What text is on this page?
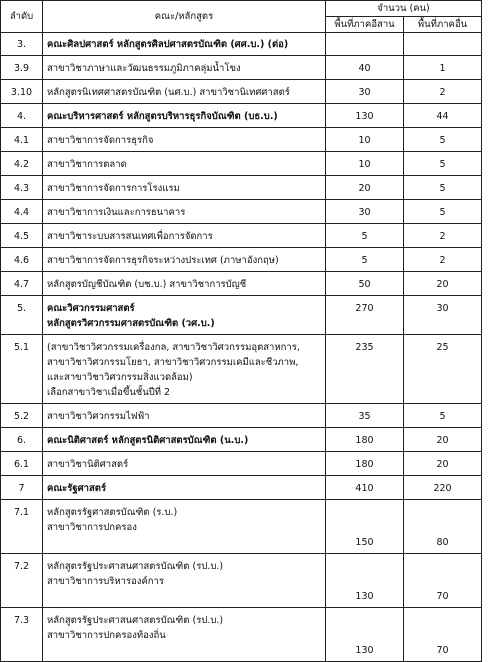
ลำดับ	คณะ/หลักสูตร	จำนวน (คน)	
		พื้นที่ภาคอีสาน	พื้นที่ภาคอื่น
3.	คณะศิลปศาสตร์ หลักสูตรศิลปศาสตรบัณฑิต (ศศ.บ.) (ต่อ)		

3.9	สาขาวิชาภาษาและวัฒนธรรมภูมิภาคลุ่มน้ำโขง	40	1
3.10	หลักสูตรนิเทศศาสตรบัณฑิต (นศ.บ.) สาขาวิชานิเทศศาสตร์	30	2
4.	คณะบริหารศาสตร์ หลักสูตรบริหารธุรกิจบัณฑิต (บธ.บ.)	130	44
4.1	สาขาวิชาการจัดการธุรกิจ	10	5
4.2	สาขาวิชาการตลาด	10	5
4.3	สาขาวิชาการจัดการการโรงแรม	20	5
4.4	สาขาวิชาการเงินและการธนาคาร	30	5
4.5	สาขาวิชาระบบสารสนเทศเพื่อการจัดการ	5	2
4.6	สาขาวิชาการจัดการธุรกิจระหว่างประเทศ (ภาษาอังกฤษ)	5	2
4.7	หลักสูตรบัญชีบัณฑิต (บช.บ.) สาขาวิชาการบัญชี	50	20
5.	คณะวิศวกรรมศาสตร์
หลักสูตรวิศวกรรมศาสตรบัณฑิต (วศ.บ.)	270	30
5.1	(สาขาวิชาวิศวกรรมเครื่องกล, สาขาวิชาวิศวกรรมอุตสาหการ,
สาขาวิชาวิศวกรรมโยธา, สาขาวิชาวิศวกรรมเคมีและชีวภาพ,
และสาขาวิชาวิศวกรรมสิ่งแวดล้อม)
เลือกสาขาวิชาเมื่อขึ้นชั้นปีที่ 2	235	25
5.2	สาขาวิชาวิศวกรรมไฟฟ้า	35	5
6.	คณะนิติศาสตร์ หลักสูตรนิติศาสตรบัณฑิต (น.บ.)	180	20
6.1	สาขาวิชานิติศาสตร์	180	20
7	คณะรัฐศาสตร์	410	220
7.1	หลักสูตรรัฐศาสตรบัณฑิต (ร.บ.)
สาขาวิชาการปกครอง	150	80
7.2	หลักสูตรรัฐประศาสนศาสตรบัณฑิต (รป.บ.)
สาขาวิชาการบริหารองค์การ	130	70
7.3	หลักสูตรรัฐประศาสนศาสตรบัณฑิต (รป.บ.)
สาขาวิชาการปกครองท้องถิ่น	130	70
